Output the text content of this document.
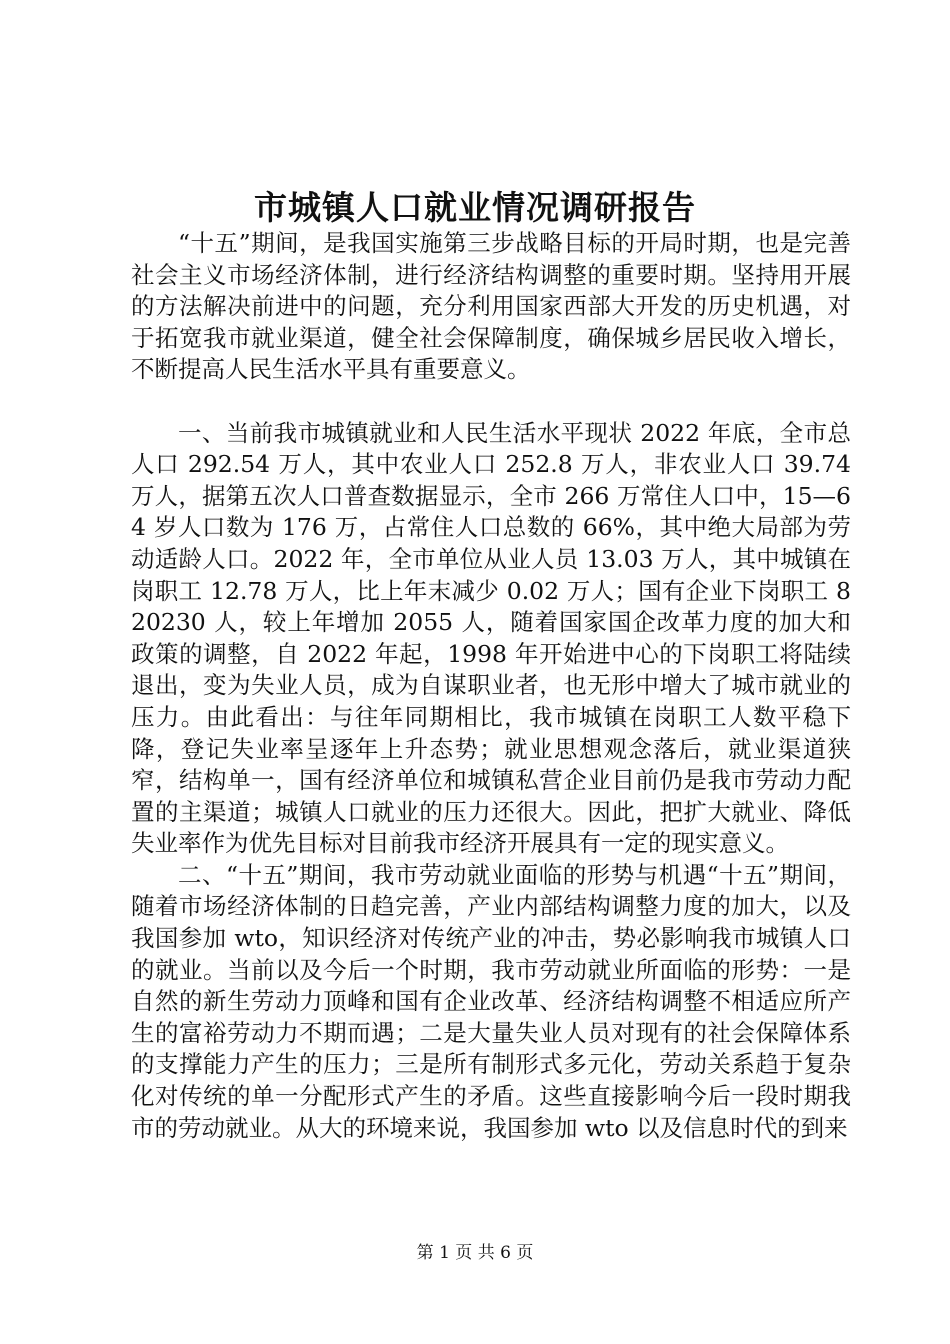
市城镇人口就业情况调研报告

“十五”期间，是我国实施第三步战略目标的开局时期，也是完善社会主义市场经济体制，进行经济结构调整的重要时期。坚持用开展的方法解决前进中的问题，充分利用国家西部大开发的历史机遇，对于拓宽我市就业渠道，健全社会保障制度，确保城乡居民收入增长，不断提高人民生活水平具有重要意义。

一、当前我市城镇就业和人民生活水平现状 2022 年底，全市总人口 292.54 万人，其中农业人口 252.8 万人，非农业人口 39.74 万人，据第五次人口普查数据显示，全市 266 万常住人口中，15—64 岁人口数为 176 万，占常住人口总数的 66%，其中绝大局部为劳动适龄人口。2022 年，全市单位从业人员 13.03 万人，其中城镇在岗职工 12.78 万人，比上年末减少 0.02 万人；国有企业下岗职工 820230 人，较上年增加 2055 人，随着国家国企改革力度的加大和政策的调整，自 2022 年起，1998 年开始进中心的下岗职工将陆续退出，变为失业人员，成为自谋职业者，也无形中增大了城市就业的压力。由此看出：与往年同期相比，我市城镇在岗职工人数平稳下降，登记失业率呈逐年上升态势；就业思想观念落后，就业渠道狭窄，结构单一，国有经济单位和城镇私营企业目前仍是我市劳动力配置的主渠道；城镇人口就业的压力还很大。因此，把扩大就业、降低失业率作为优先目标对目前我市经济开展具有一定的现实意义。

二、“十五”期间，我市劳动就业面临的形势与机遇“十五”期间，随着市场经济体制的日趋完善，产业内部结构调整力度的加大，以及我国参加 wto，知识经济对传统产业的冲击，势必影响我市城镇人口的就业。当前以及今后一个时期，我市劳动就业所面临的形势：一是自然的新生劳动力顶峰和国有企业改革、经济结构调整不相适应所产生的富裕劳动力不期而遇；二是大量失业人员对现有的社会保障体系的支撑能力产生的压力；三是所有制形式多元化，劳动关系趋于复杂化对传统的单一分配形式产生的矛盾。这些直接影响今后一段时期我市的劳动就业。从大的环境来说，我国参加 wto 以及信息时代的到来

第 1 页 共 6 页
